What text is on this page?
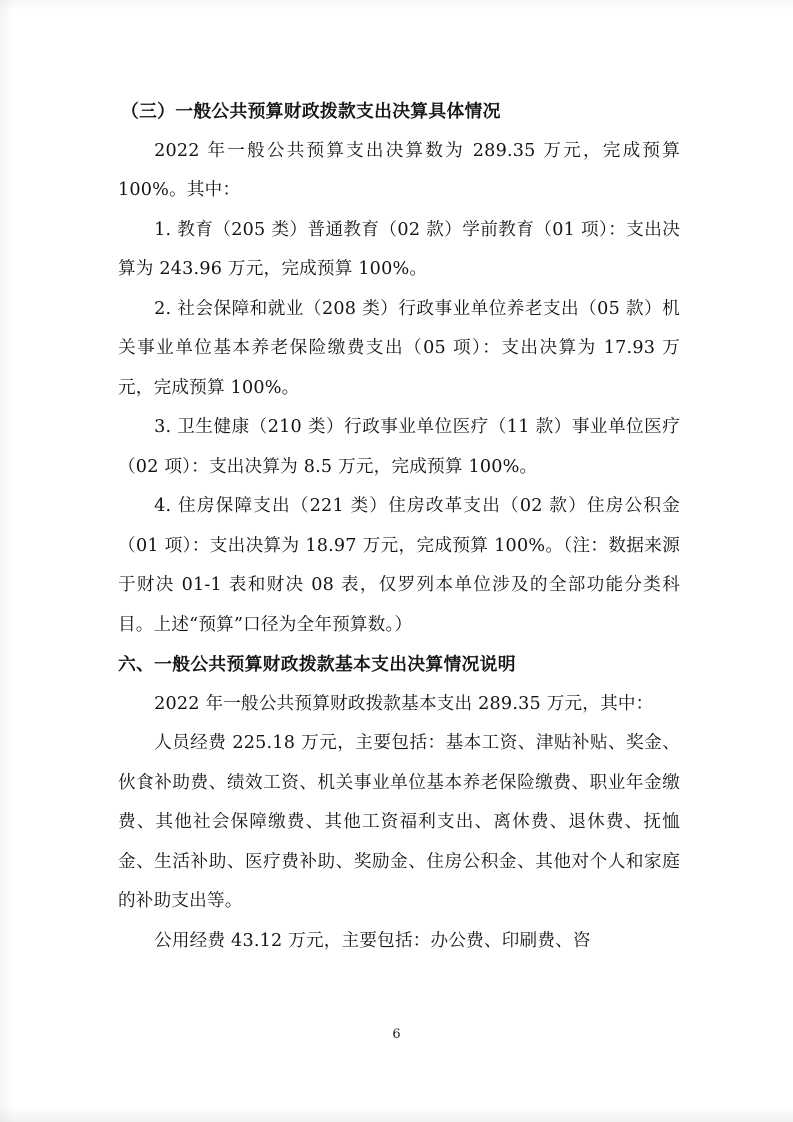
（三）一般公共预算财政拨款支出决算具体情况

2022 年一般公共预算支出决算数为 289.35 万元，完成预算 100%。其中：

1. 教育（205 类）普通教育（02 款）学前教育（01 项）：支出决算为 243.96 万元，完成预算 100%。

2. 社会保障和就业（208 类）行政事业单位养老支出（05 款）机关事业单位基本养老保险缴费支出（05 项）：支出决算为 17.93 万元，完成预算 100%。

3. 卫生健康（210 类）行政事业单位医疗（11 款）事业单位医疗（02 项）：支出决算为 8.5 万元，完成预算 100%。

4. 住房保障支出（221 类）住房改革支出（02 款）住房公积金（01 项）：支出决算为 18.97 万元，完成预算 100%。（注：数据来源于财决 01-1 表和财决 08 表，仅罗列本单位涉及的全部功能分类科目。上述“预算”口径为全年预算数。）

六、一般公共预算财政拨款基本支出决算情况说明

2022 年一般公共预算财政拨款基本支出 289.35 万元，其中：

人员经费 225.18 万元，主要包括：基本工资、津贴补贴、奖金、伙食补助费、绩效工资、机关事业单位基本养老保险缴费、职业年金缴费、其他社会保障缴费、其他工资福利支出、离休费、退休费、抚恤金、生活补助、医疗费补助、奖励金、住房公积金、其他对个人和家庭的补助支出等。

公用经费 43.12 万元，主要包括：办公费、印刷费、咨

6
